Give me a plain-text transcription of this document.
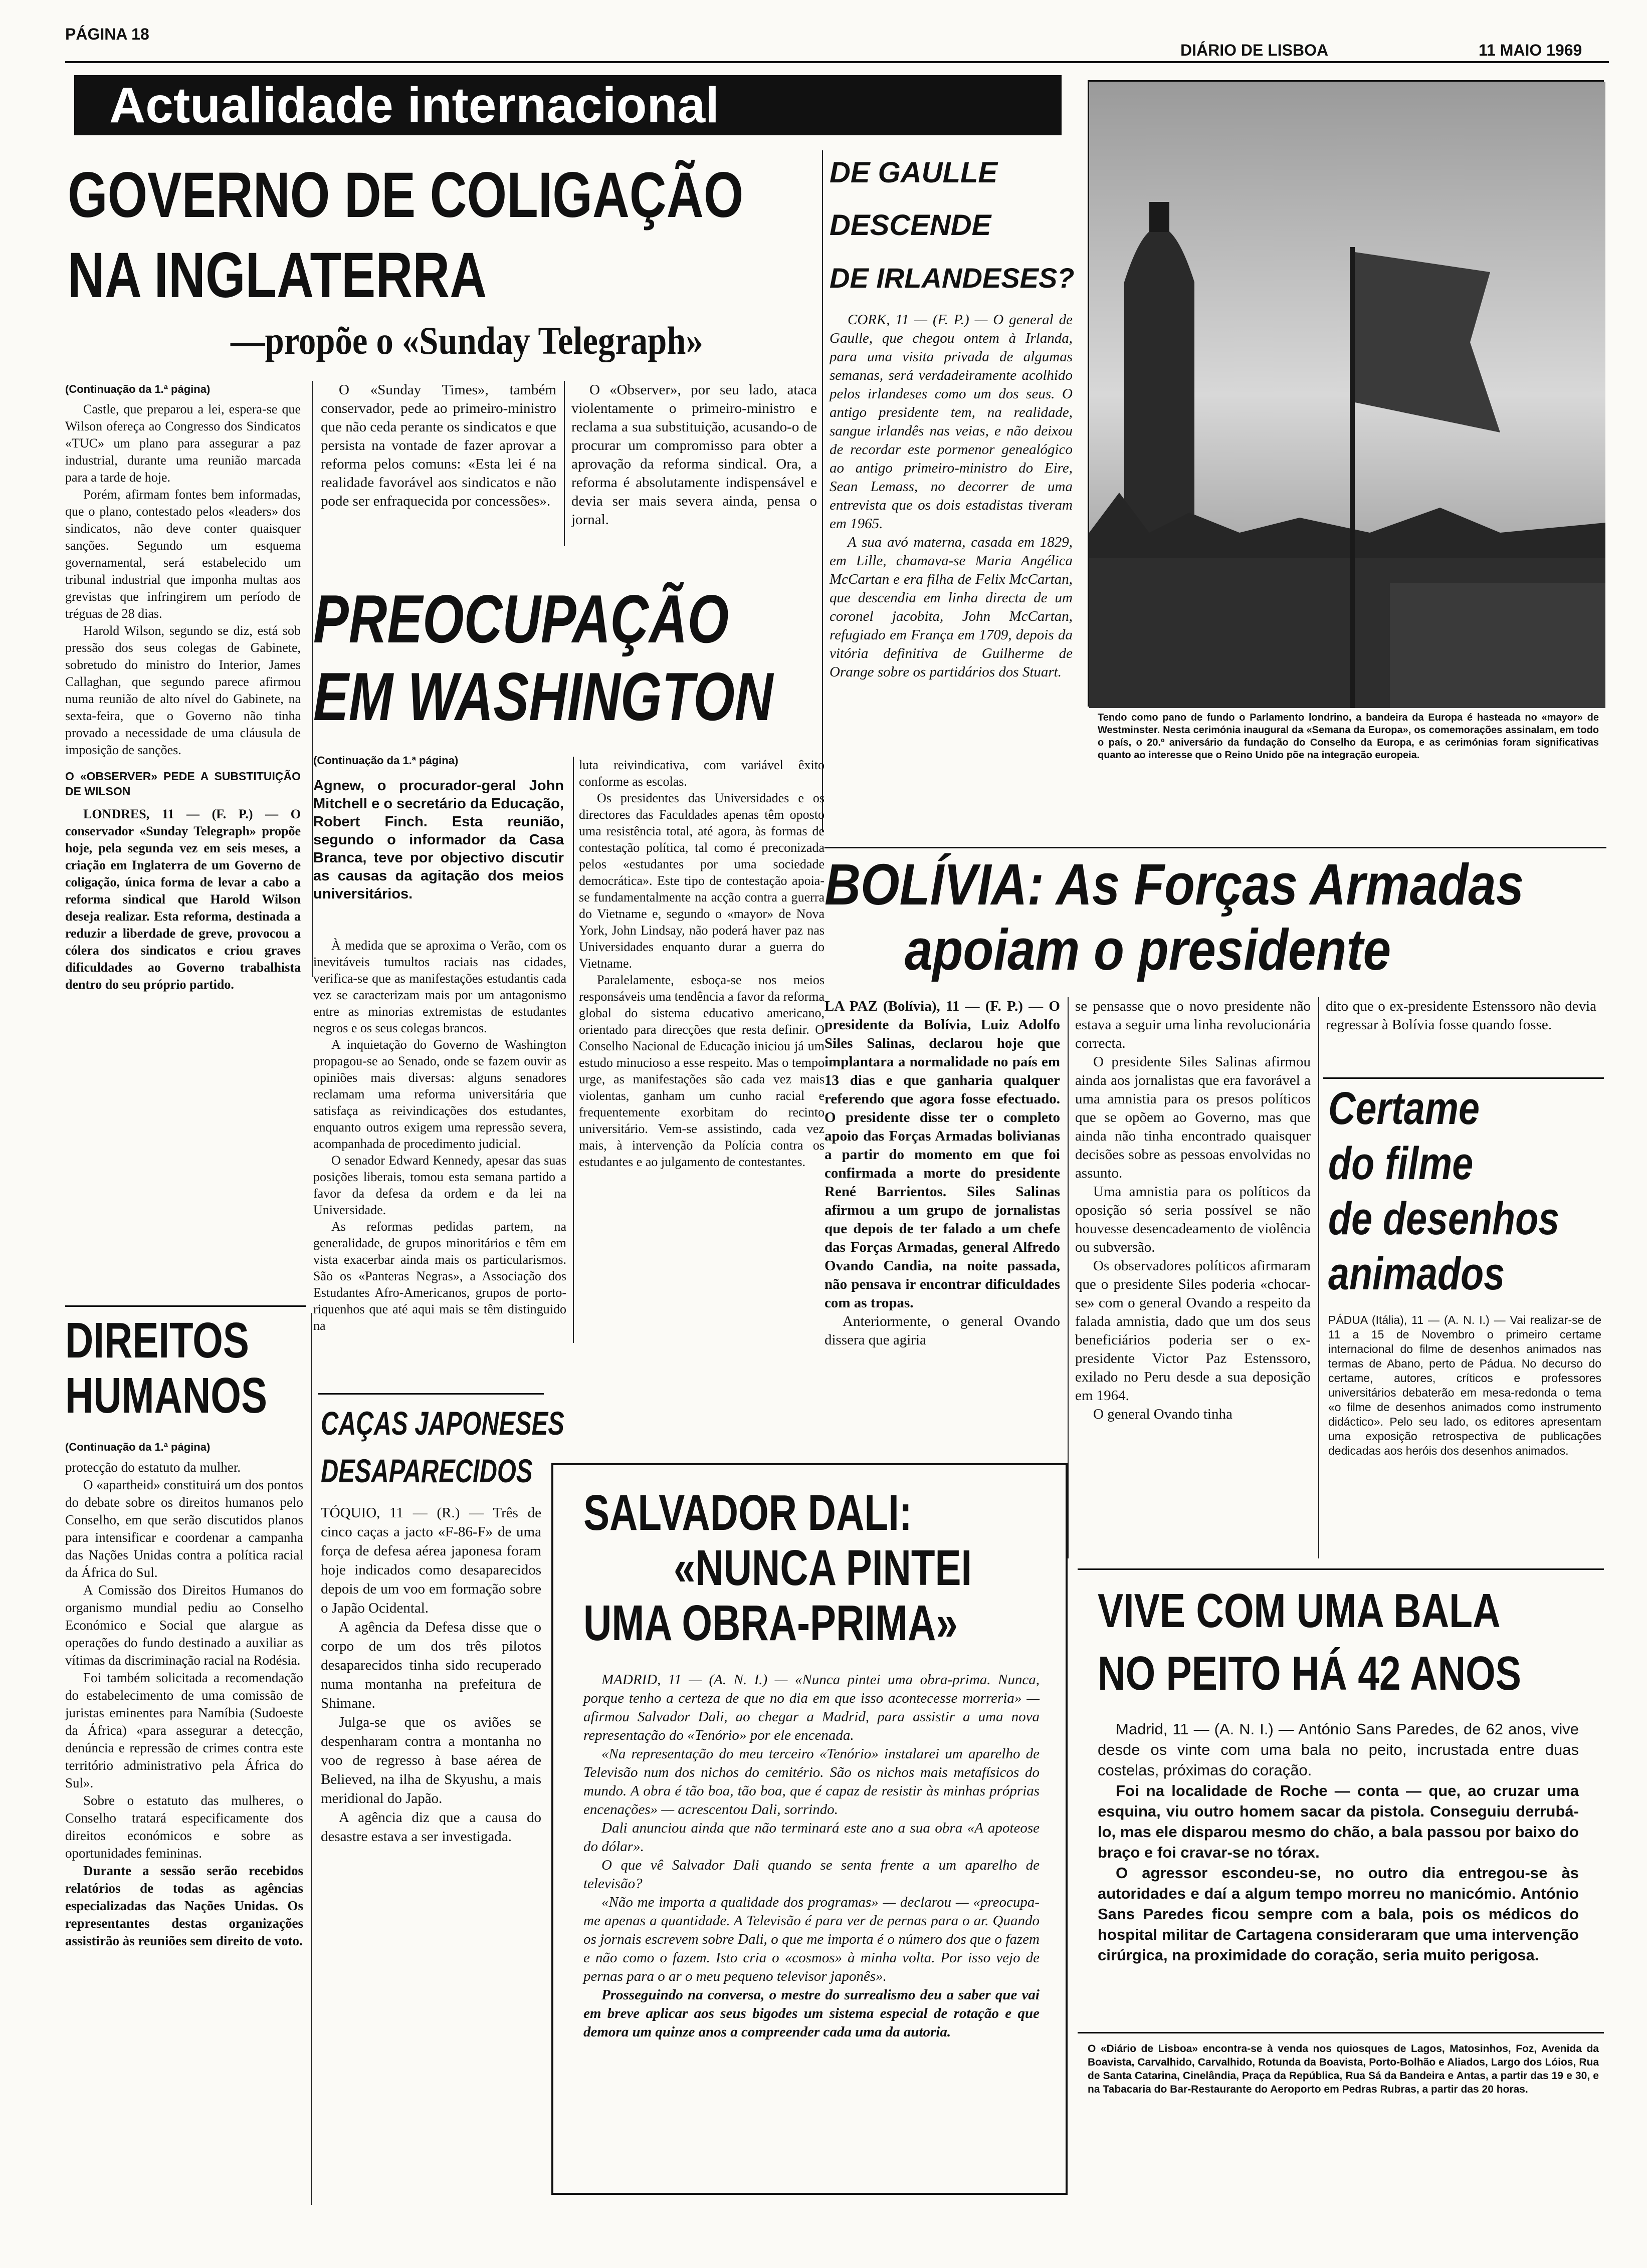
PÁGINA 18
DIÁRIO DE LISBOA	11 MAIO 1969
Actualidade internacional
GOVERNO DE COLIGAÇÃO
NA INGLATERRA
—propõe o «Sunday Telegraph»
(Continuação da 1.ª página)

Castle, que preparou a lei, espera-se que Wilson ofereça ao Congresso dos Sindicatos «TUC» um plano para assegurar a paz industrial, durante uma reunião marcada para a tarde de hoje.

Porém, afirmam fontes bem informadas, que o plano, contestado pelos «leaders» dos sindicatos, não deve conter quaisquer sanções. Segundo um esquema governamental, será estabelecido um tribunal industrial que imponha multas aos grevistas que infringirem um período de tréguas de 28 dias.

Harold Wilson, segundo se diz, está sob pressão dos seus colegas de Gabinete, sobretudo do ministro do Interior, James Callaghan, que segundo parece afirmou numa reunião de alto nível do Gabinete, na sexta-feira, que o Governo não tinha provado a necessidade de uma cláusula de imposição de sanções.

O «OBSERVER» PEDE A SUBSTITUIÇÃO DE WILSON

LONDRES, 11 — (F. P.) — O conservador «Sunday Telegraph» propõe hoje, pela segunda vez em seis meses, a criação em Inglaterra de um Governo de coligação, única forma de levar a cabo a reforma sindical que Harold Wilson deseja realizar. Esta reforma, destinada a reduzir a liberdade de greve, provocou a cólera dos sindicatos e criou graves dificuldades ao Governo trabalhista dentro do seu próprio partido.

O «Sunday Times», também conservador, pede ao primeiro-ministro que não ceda perante os sindicatos e que persista na vontade de fazer aprovar a reforma pelos comuns: «Esta lei é na realidade favorável aos sindicatos e não pode ser enfraquecida por concessões».

O «Observer», por seu lado, ataca violentamente o primeiro-ministro e reclama a sua substituição, acusando-o de procurar um compromisso para obter a aprovação da reforma sindical. Ora, a reforma é absolutamente indispensável e devia ser mais severa ainda, pensa o jornal.

DE GAULLE
DESCENDE
DE IRLANDESES?

CORK, 11 — (F. P.) — O general de Gaulle, que chegou ontem à Irlanda, para uma visita privada de algumas semanas, será verdadeiramente acolhido pelos irlandeses como um dos seus. O antigo presidente tem, na realidade, sangue irlandês nas veias, e não deixou de recordar este pormenor genealógico ao antigo primeiro-ministro do Eire, Sean Lemass, no decorrer de uma entrevista que os dois estadistas tiveram em 1965.

A sua avó materna, casada em 1829, em Lille, chamava-se Maria Angélica McCartan e era filha de Felix McCartan, que descendia em linha directa de um coronel jacobita, John McCartan, refugiado em França em 1709, depois da vitória definitiva de Guilherme de Orange sobre os partidários dos Stuart.

Tendo como pano de fundo o Parlamento londrino, a bandeira da Europa é hasteada no «mayor» de Westminster. Nesta cerimónia inaugural da «Semana da Europa», os comemorações assinalam, em todo o país, o 20.º aniversário da fundação do Conselho da Europa, e as cerimónias foram significativas quanto ao interesse que o Reino Unido põe na integração europeia.
PREOCUPAÇÃO
EM WASHINGTON
(Continuação da 1.ª página)
Agnew, o procurador-geral John Mitchell e o secretário da Educação, Robert Finch. Esta reunião, segundo o informador da Casa Branca, teve por objectivo discutir as causas da agitação dos meios universitários.

À medida que se aproxima o Verão, com os inevitáveis tumultos raciais nas cidades, verifica-se que as manifestações estudantis cada vez se caracterizam mais por um antagonismo entre as minorias extremistas de estudantes negros e os seus colegas brancos.

A inquietação do Governo de Washington propagou-se ao Senado, onde se fazem ouvir as opiniões mais diversas: alguns senadores reclamam uma reforma universitária que satisfaça as reivindicações dos estudantes, enquanto outros exigem uma repressão severa, acompanhada de procedimento judicial.

O senador Edward Kennedy, apesar das suas posições liberais, tomou esta semana partido a favor da defesa da ordem e da lei na Universidade.

As reformas pedidas partem, na generalidade, de grupos minoritários e têm em vista exacerbar ainda mais os particularismos. São os «Panteras Negras», a Associação dos Estudantes Afro-Americanos, grupos de porto-riquenhos que até aqui mais se têm distinguido na

luta reivindicativa, com variável êxito conforme as escolas.

Os presidentes das Universidades e os directores das Faculdades apenas têm oposto uma resistência total, até agora, às formas de contestação política, tal como é preconizada pelos «estudantes por uma sociedade democrática». Este tipo de contestação apoia-se fundamentalmente na acção contra a guerra do Vietname e, segundo o «mayor» de Nova York, John Lindsay, não poderá haver paz nas Universidades enquanto durar a guerra do Vietname.

Paralelamente, esboça-se nos meios responsáveis uma tendência a favor da reforma global do sistema educativo americano, orientado para direcções que resta definir. O Conselho Nacional de Educação iniciou já um estudo minucioso a esse respeito. Mas o tempo urge, as manifestações são cada vez mais violentas, ganham um cunho racial e frequentemente exorbitam do recinto universitário. Vem-se assistindo, cada vez mais, à intervenção da Polícia contra os estudantes e ao julgamento de contestantes.

BOLÍVIA: As Forças Armadas
apoiam o presidente

LA PAZ (Bolívia), 11 — (F. P.) — O presidente da Bolívia, Luiz Adolfo Siles Salinas, declarou hoje que implantara a normalidade no país em 13 dias e que ganharia qualquer referendo que agora fosse efectuado. O presidente disse ter o completo apoio das Forças Armadas bolivianas a partir do momento em que foi confirmada a morte do presidente René Barrientos. Siles Salinas afirmou a um grupo de jornalistas que depois de ter falado a um chefe das Forças Armadas, general Alfredo Ovando Candia, na noite passada, não pensava ir encontrar dificuldades com as tropas.

Anteriormente, o general Ovando dissera que agiria

se pensasse que o novo presidente não estava a seguir uma linha revolucionária correcta.

O presidente Siles Salinas afirmou ainda aos jornalistas que era favorável a uma amnistia para os presos políticos que se opõem ao Governo, mas que ainda não tinha encontrado quaisquer decisões sobre as pessoas envolvidas no assunto.

Uma amnistia para os políticos da oposição só seria possível se não houvesse desencadeamento de violência ou subversão.

Os observadores políticos afirmaram que o presidente Siles poderia «chocar-se» com o general Ovando a respeito da falada amnistia, dado que um dos seus beneficiários poderia ser o ex-presidente Victor Paz Estenssoro, exilado no Peru desde a sua deposição em 1964.

O general Ovando tinha

dito que o ex-presidente Estenssoro não devia regressar à Bolívia fosse quando fosse.

Certame
do filme
de desenhos
animados
PÁDUA (Itália), 11 — (A. N. I.) — Vai realizar-se de 11 a 15 de Novembro o primeiro certame internacional do filme de desenhos animados nas termas de Abano, perto de Pádua. No decurso do certame, autores, críticos e professores universitários debaterão em mesa-redonda o tema «o filme de desenhos animados como instrumento didáctico». Pelo seu lado, os editores apresentam uma exposição retrospectiva de publicações dedicadas aos heróis dos desenhos animados.
DIREITOS
HUMANOS
(Continuação da 1.ª página)

protecção do estatuto da mulher.

O «apartheid» constituirá um dos pontos do debate sobre os direitos humanos pelo Conselho, em que serão discutidos planos para intensificar e coordenar a campanha das Nações Unidas contra a política racial da África do Sul.

A Comissão dos Direitos Humanos do organismo mundial pediu ao Conselho Económico e Social que alargue as operações do fundo destinado a auxiliar as vítimas da discriminação racial na Rodésia.

Foi também solicitada a recomendação do estabelecimento de uma comissão de juristas eminentes para Namíbia (Sudoeste da África) «para assegurar a detecção, denúncia e repressão de crimes contra este território administrativo pela África do Sul».

Sobre o estatuto das mulheres, o Conselho tratará especificamente dos direitos económicos e sobre as oportunidades femininas.

Durante a sessão serão recebidos relatórios de todas as agências especializadas das Nações Unidas. Os representantes destas organizações assistirão às reuniões sem direito de voto.

CAÇAS JAPONESES
DESAPARECIDOS

TÓQUIO, 11 — (R.) — Três de cinco caças a jacto «F-86-F» de uma força de defesa aérea japonesa foram hoje indicados como desaparecidos depois de um voo em formação sobre o Japão Ocidental.

A agência da Defesa disse que o corpo de um dos três pilotos desaparecidos tinha sido recuperado numa montanha na prefeitura de Shimane.

Julga-se que os aviões se despenharam contra a montanha no voo de regresso à base aérea de Believed, na ilha de Skyushu, a mais meridional do Japão.

A agência diz que a causa do desastre estava a ser investigada.

SALVADOR DALI:
«NUNCA PINTEI
UMA OBRA-PRIMA»

MADRID, 11 — (A. N. I.) — «Nunca pintei uma obra-prima. Nunca, porque tenho a certeza de que no dia em que isso acontecesse morreria» — afirmou Salvador Dali, ao chegar a Madrid, para assistir a uma nova representação do «Tenório» por ele encenada.

«Na representação do meu terceiro «Tenório» instalarei um aparelho de Televisão num dos nichos do cemitério. São os nichos mais metafísicos do mundo. A obra é tão boa, tão boa, que é capaz de resistir às minhas próprias encenações» — acrescentou Dali, sorrindo.

Dali anunciou ainda que não terminará este ano a sua obra «A apoteose do dólar».

O que vê Salvador Dali quando se senta frente a um aparelho de televisão?

«Não me importa a qualidade dos programas» — declarou — «preocupa-me apenas a quantidade. A Televisão é para ver de pernas para o ar. Quando os jornais escrevem sobre Dali, o que me importa é o número dos que o fazem e não como o fazem. Isto cria o «cosmos» à minha volta. Por isso vejo de pernas para o ar o meu pequeno televisor japonês».

Prosseguindo na conversa, o mestre do surrealismo deu a saber que vai em breve aplicar aos seus bigodes um sistema especial de rotação e que demora um quinze anos a compreender cada uma da autoria.

VIVE COM UMA BALA
NO PEITO HÁ 42 ANOS

Madrid, 11 — (A. N. I.) — António Sans Paredes, de 62 anos, vive desde os vinte com uma bala no peito, incrustada entre duas costelas, próximas do coração.

Foi na localidade de Roche — conta — que, ao cruzar uma esquina, viu outro homem sacar da pistola. Conseguiu derrubá-lo, mas ele disparou mesmo do chão, a bala passou por baixo do braço e foi cravar-se no tórax.

O agressor escondeu-se, no outro dia entregou-se às autoridades e daí a algum tempo morreu no manicómio. António Sans Paredes ficou sempre com a bala, pois os médicos do hospital militar de Cartagena consideraram que uma intervenção cirúrgica, na proximidade do coração, seria muito perigosa.

O «Diário de Lisboa» encontra-se à venda nos quiosques de Lagos, Matosinhos, Foz, Avenida da Boavista, Carvalhido, Carvalhido, Rotunda da Boavista, Porto-Bolhão e Aliados, Largo dos Lóios, Rua de Santa Catarina, Cinelândia, Praça da República, Rua Sá da Bandeira e Antas, a partir das 19 e 30, e na Tabacaria do Bar-Restaurante do Aeroporto em Pedras Rubras, a partir das 20 horas.
